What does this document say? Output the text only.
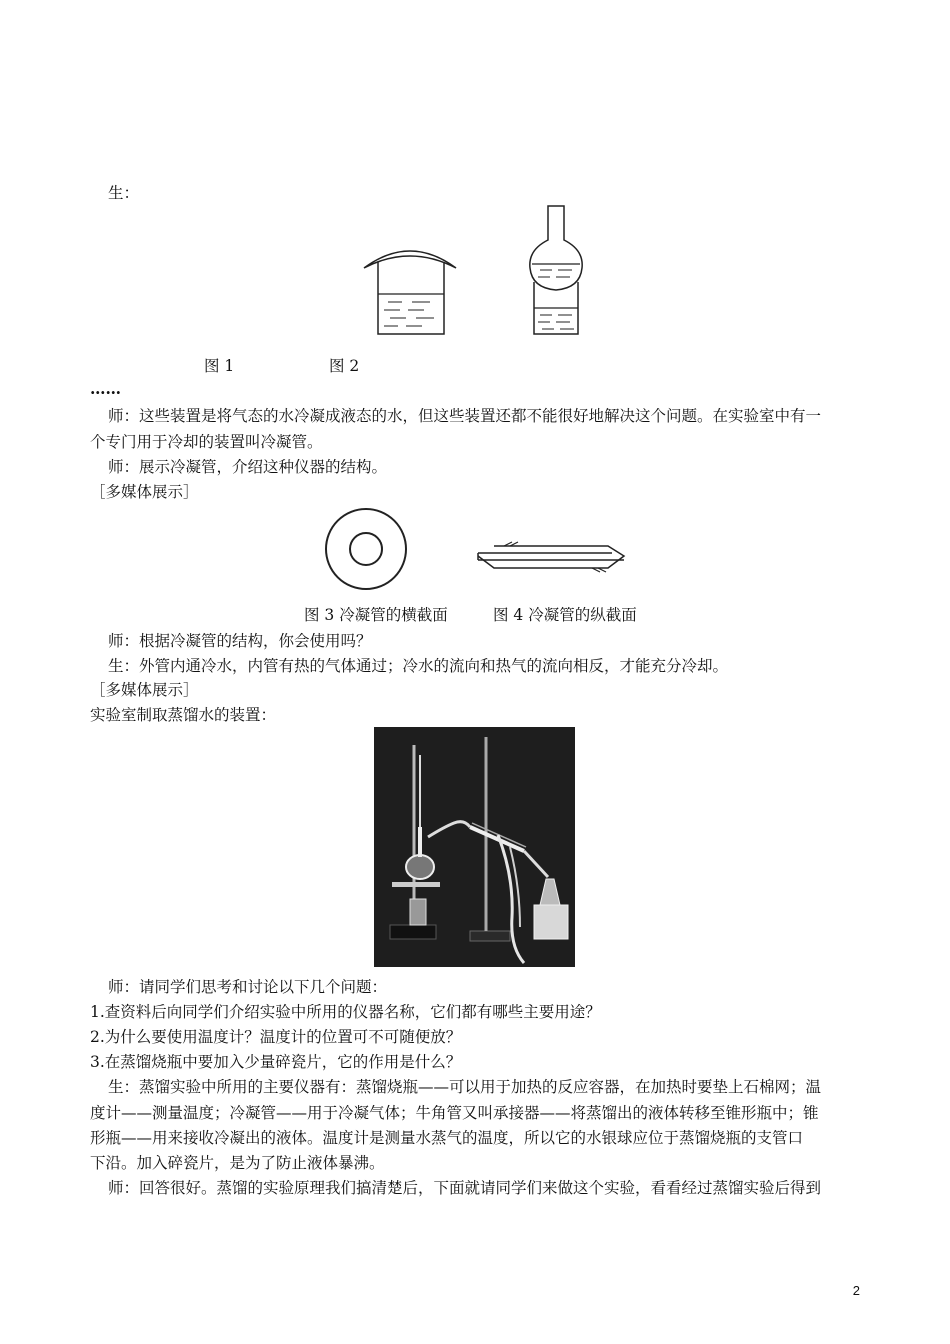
生：
图 1	图 2
……
师：这些装置是将气态的水冷凝成液态的水，但这些装置还都不能很好地解决这个问题。在实验室中有一
个专门用于冷却的装置叫冷凝管。
师：展示冷凝管，介绍这种仪器的结构。
［多媒体展示］
图 3 冷凝管的横截面	图 4 冷凝管的纵截面
师：根据冷凝管的结构，你会使用吗？
生：外管内通冷水，内管有热的气体通过；冷水的流向和热气的流向相反，才能充分冷却。
［多媒体展示］
实验室制取蒸馏水的装置：
师：请同学们思考和讨论以下几个问题：
1.查资料后向同学们介绍实验中所用的仪器名称，它们都有哪些主要用途？
2.为什么要使用温度计？温度计的位置可不可随便放？
3.在蒸馏烧瓶中要加入少量碎瓷片，它的作用是什么？
生：蒸馏实验中所用的主要仪器有：蒸馏烧瓶——可以用于加热的反应容器，在加热时要垫上石棉网；温
度计——测量温度；冷凝管——用于冷凝气体；牛角管又叫承接器——将蒸馏出的液体转移至锥形瓶中；锥
形瓶——用来接收冷凝出的液体。温度计是测量水蒸气的温度，所以它的水银球应位于蒸馏烧瓶的支管口
下沿。加入碎瓷片，是为了防止液体暴沸。
师：回答很好。蒸馏的实验原理我们搞清楚后，下面就请同学们来做这个实验，看看经过蒸馏实验后得到
2
